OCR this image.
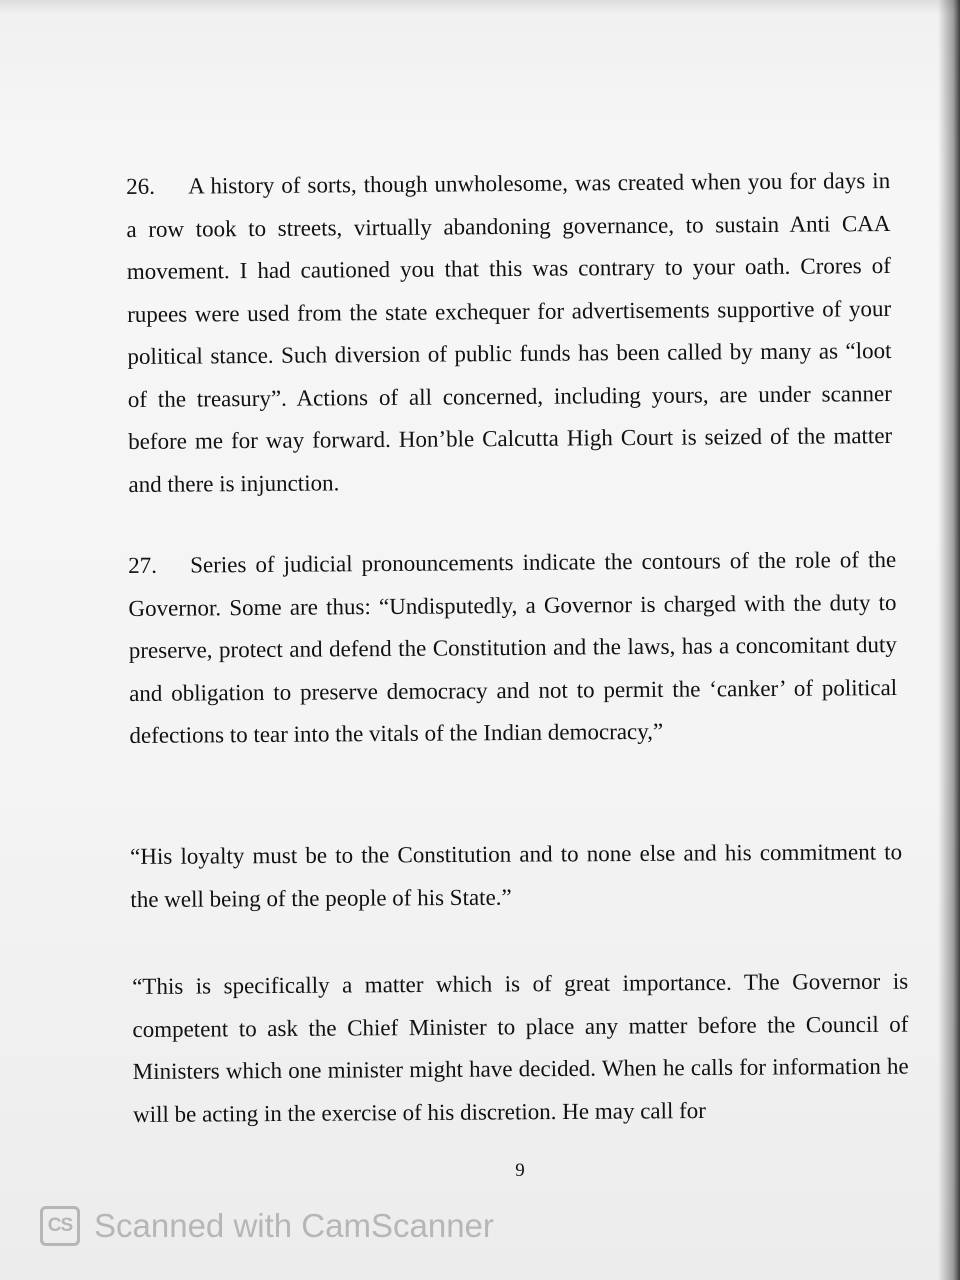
26. A history of sorts, though unwholesome, was created when you for days in a row took to streets, virtually abandoning governance, to sustain Anti CAA movement. I had cautioned you that this was contrary to your oath. Crores of rupees were used from the state exchequer for advertisements supportive of your political stance. Such diversion of public funds has been called by many as “loot of the treasury”. Actions of all concerned, including yours, are under scanner before me for way forward. Hon’ble Calcutta High Court is seized of the matter and there is injunction.

27. Series of judicial pronouncements indicate the contours of the role of the Governor. Some are thus: “Undisputedly, a Governor is charged with the duty to preserve, protect and defend the Constitution and the laws, has a concomitant duty and obligation to preserve democracy and not to permit the ‘canker’ of political defections to tear into the vitals of the Indian democracy,”

“His loyalty must be to the Constitution and to none else and his commitment to the well being of the people of his State.”

“This is specifically a matter which is of great importance. The Governor is competent to ask the Chief Minister to place any matter before the Council of Ministers which one minister might have decided. When he calls for information he will be acting in the exercise of his discretion. He may call for

9

CS Scanned with CamScanner
